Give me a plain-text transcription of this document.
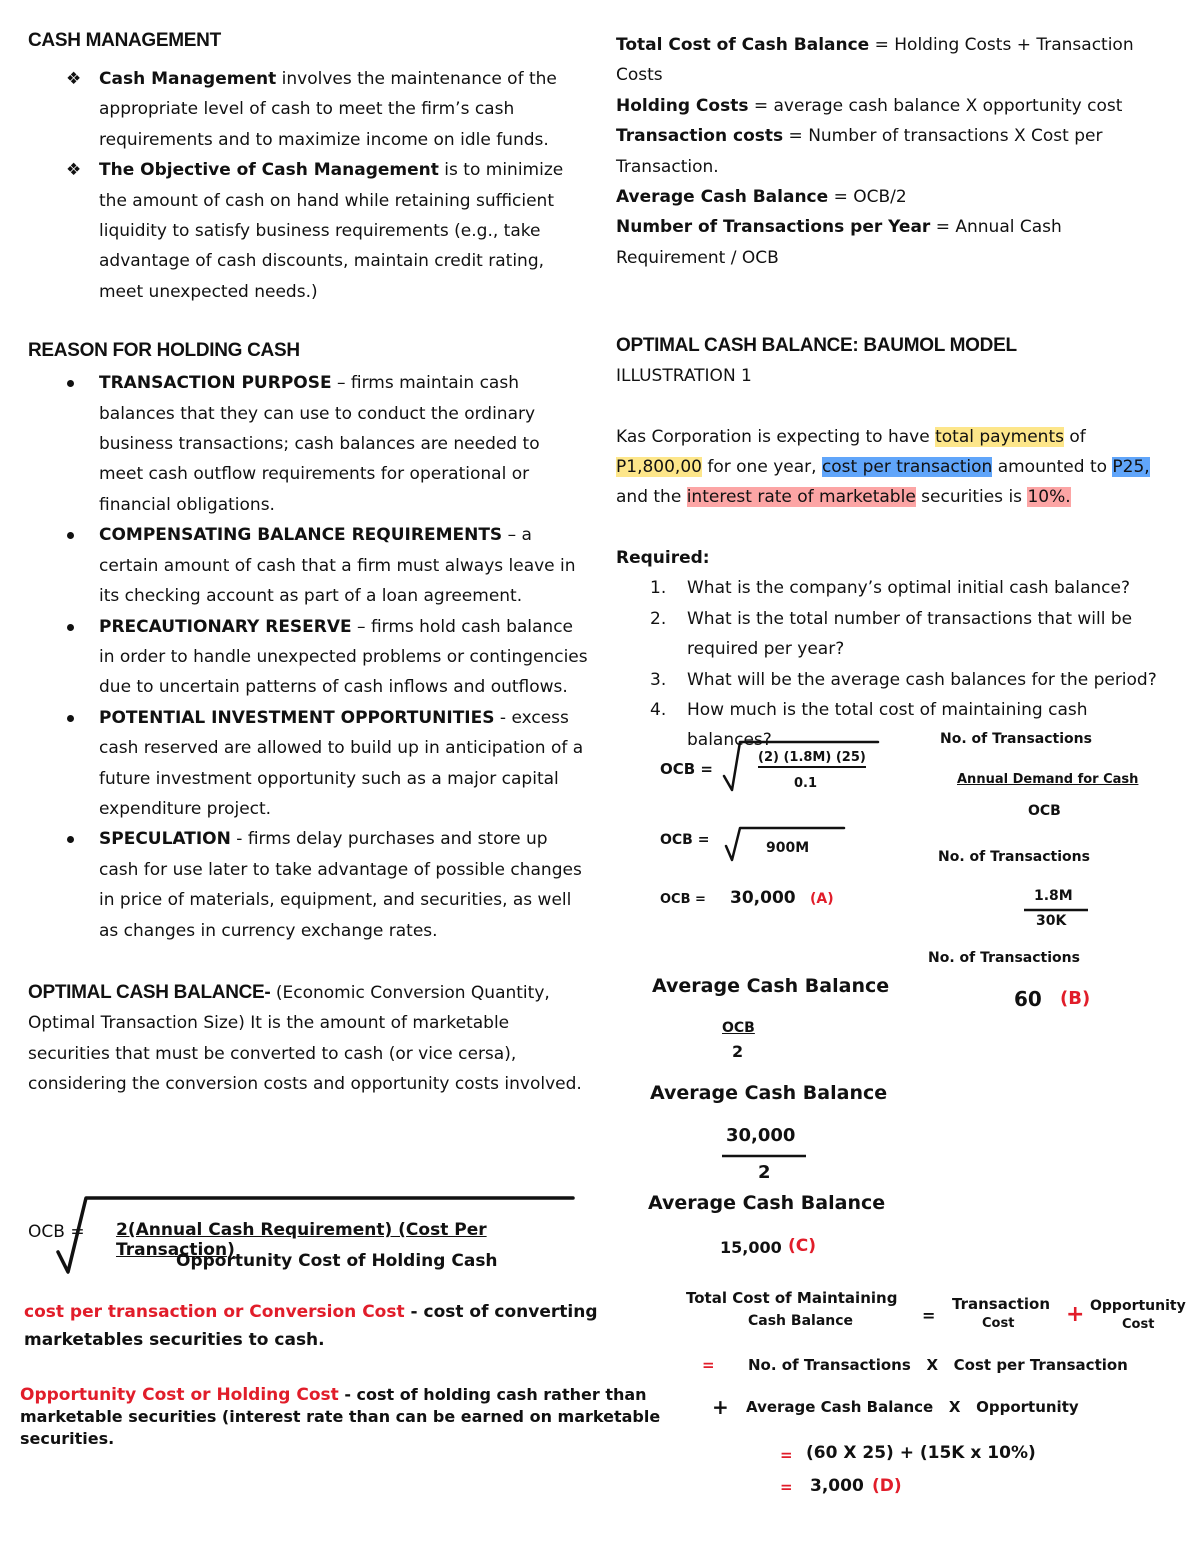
CASH MANAGEMENT

❖ Cash Management involves the maintenance of the appropriate level of cash to meet the firm’s cash requirements and to maximize income on idle funds.
❖ The Objective of Cash Management is to minimize the amount of cash on hand while retaining sufficient liquidity to satisfy business requirements (e.g., take advantage of cash discounts, maintain credit rating, meet unexpected needs.)

REASON FOR HOLDING CASH

TRANSACTION PURPOSE – firms maintain cash balances that they can use to conduct the ordinary business transactions; cash balances are needed to meet cash outflow requirements for operational or financial obligations.
COMPENSATING BALANCE REQUIREMENTS – a certain amount of cash that a firm must always leave in its checking account as part of a loan agreement.
PRECAUTIONARY RESERVE – firms hold cash balance in order to handle unexpected problems or contingencies due to uncertain patterns of cash inflows and outflows.
POTENTIAL INVESTMENT OPPORTUNITIES - excess cash reserved are allowed to build up in anticipation of a future investment opportunity such as a major capital expenditure project.
SPECULATION - firms delay purchases and store up cash for use later to take advantage of possible changes in price of materials, equipment, and securities, as well as changes in currency exchange rates.

OPTIMAL CASH BALANCE- (Economic Conversion Quantity, Optimal Transaction Size) It is the amount of marketable securities that must be converted to cash (or vice cersa), considering the conversion costs and opportunity costs involved.

OCB = 2(Annual Cash Requirement) (Cost Per Transaction)
Opportunity Cost of Holding Cash
cost per transaction or Conversion Cost - cost of converting marketables securities to cash.
Opportunity Cost or Holding Cost - cost of holding cash rather than marketable securities (interest rate than can be earned on marketable securities.

Total Cost of Cash Balance = Holding Costs + Transaction Costs

Holding Costs = average cash balance X opportunity cost

Transaction costs = Number of transactions X Cost per Transaction.

Average Cash Balance = OCB/2

Number of Transactions per Year = Annual Cash Requirement / OCB

OPTIMAL CASH BALANCE: BAUMOL MODEL

ILLUSTRATION 1

Kas Corporation is expecting to have total payments of P1,800,00 for one year, cost per transaction amounted to P25, and the interest rate of marketable securities is 10%.

Required:

1. What is the company’s optimal initial cash balance?
2. What is the total number of transactions that will be required per year?
3. What will be the average cash balances for the period?
4. How much is the total cost of maintaining cash balances?
OCB =
(2) (1.8M) (25)
0.1
OCB =	900M
OCB = 30,000 (A)
No. of Transactions
Annual Demand for Cash
OCB
No. of Transactions
1.8M
30K
No. of Transactions
60 (B)
Average Cash Balance
OCB
2
Average Cash Balance
30,000
2
Average Cash Balance
15,000 (C)
Total Cost of Maintaining
Cash Balance	=
Transaction
Cost + Opportunity
Cost
= No. of Transactions   X   Cost per Transaction
+ Average Cash Balance   X   Opportunity
= (60 X 25) + (15K x 10%)
= 3,000 (D)
